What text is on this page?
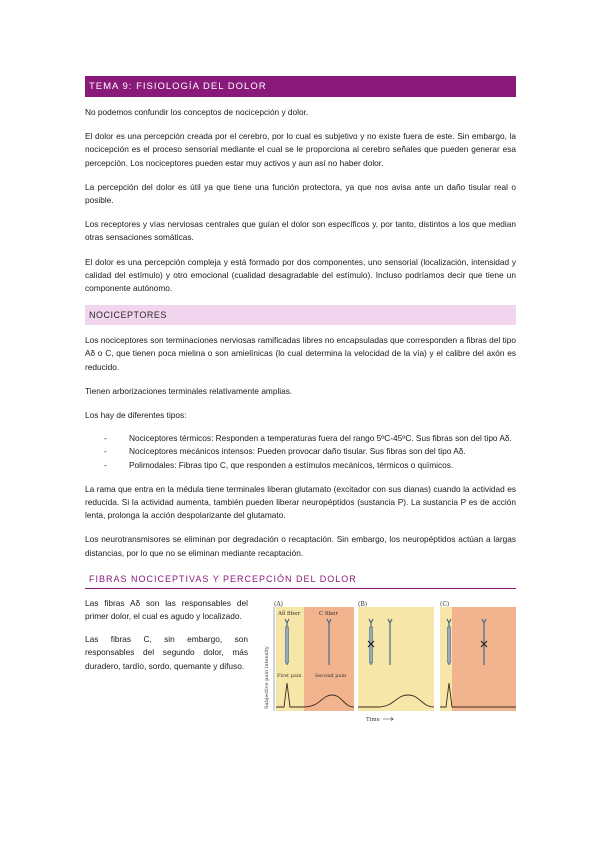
TEMA 9: FISIOLOGÍA DEL DOLOR

No podemos confundir los conceptos de nocicepción y dolor.

El dolor es una percepción creada por el cerebro, por lo cual es subjetivo y no existe fuera de este. Sin embargo, la nocicepción es el proceso sensorial mediante el cual se le proporciona al cerebro señales que pueden generar esa percepción. Los nociceptores pueden estar muy activos y aun así no haber dolor.

La percepción del dolor es útil ya que tiene una función protectora, ya que nos avisa ante un daño tisular real o posible.

Los receptores y vías nerviosas centrales que guían el dolor son específicos y, por tanto, distintos a los que median otras sensaciones somáticas.

El dolor es una percepción compleja y está formado por dos componentes, uno sensorial (localización, intensidad y calidad del estímulo) y otro emocional (cualidad desagradable del estímulo). Incluso podríamos decir que tiene un componente autónomo.

NOCICEPTORES

Los nociceptores son terminaciones nerviosas ramificadas libres no encapsuladas que corresponden a fibras del tipo Aδ o C, que tienen poca mielina o son amielínicas (lo cual determina la velocidad de la vía) y el calibre del axón es reducido.

Tienen arborizaciones terminales relativamente amplias.

Los hay de diferentes tipos:

-	Nociceptores térmicos: Responden a temperaturas fuera del rango 5ºC-45ºC. Sus fibras son del tipo Aδ.
-	Nociceptores mecánicos intensos: Pueden provocar daño tisular. Sus fibras son del tipo Aδ.
-	Polimodales: Fibras tipo C, que responden a estímulos mecánicos, térmicos o químicos.

La rama que entra en la médula tiene terminales liberan glutamato (excitador con sus dianas) cuando la actividad es reducida. Si la actividad aumenta, también pueden liberar neuropéptidos (sustancia P). La sustancia P es de acción lenta, prolonga la acción despolarizante del glutamato.

Los neurotransmisores se eliminan por degradación o recaptación. Sin embargo, los neuropéptidos actúan a largas distancias, por lo que no se eliminan mediante recaptación.

FIBRAS NOCICEPTIVAS Y PERCEPCIÓN DEL DOLOR

Las fibras Aδ son las responsables del primer dolor, el cual es agudo y localizado.

Las fibras C, sin embargo, son responsables del segundo dolor, más duradero, tardío, sordo, quemante y difuso.

(A)	(B)	(C)
Aδ fiber	C fiber
First pain	Second pain
Subjective pain intensity
Time
